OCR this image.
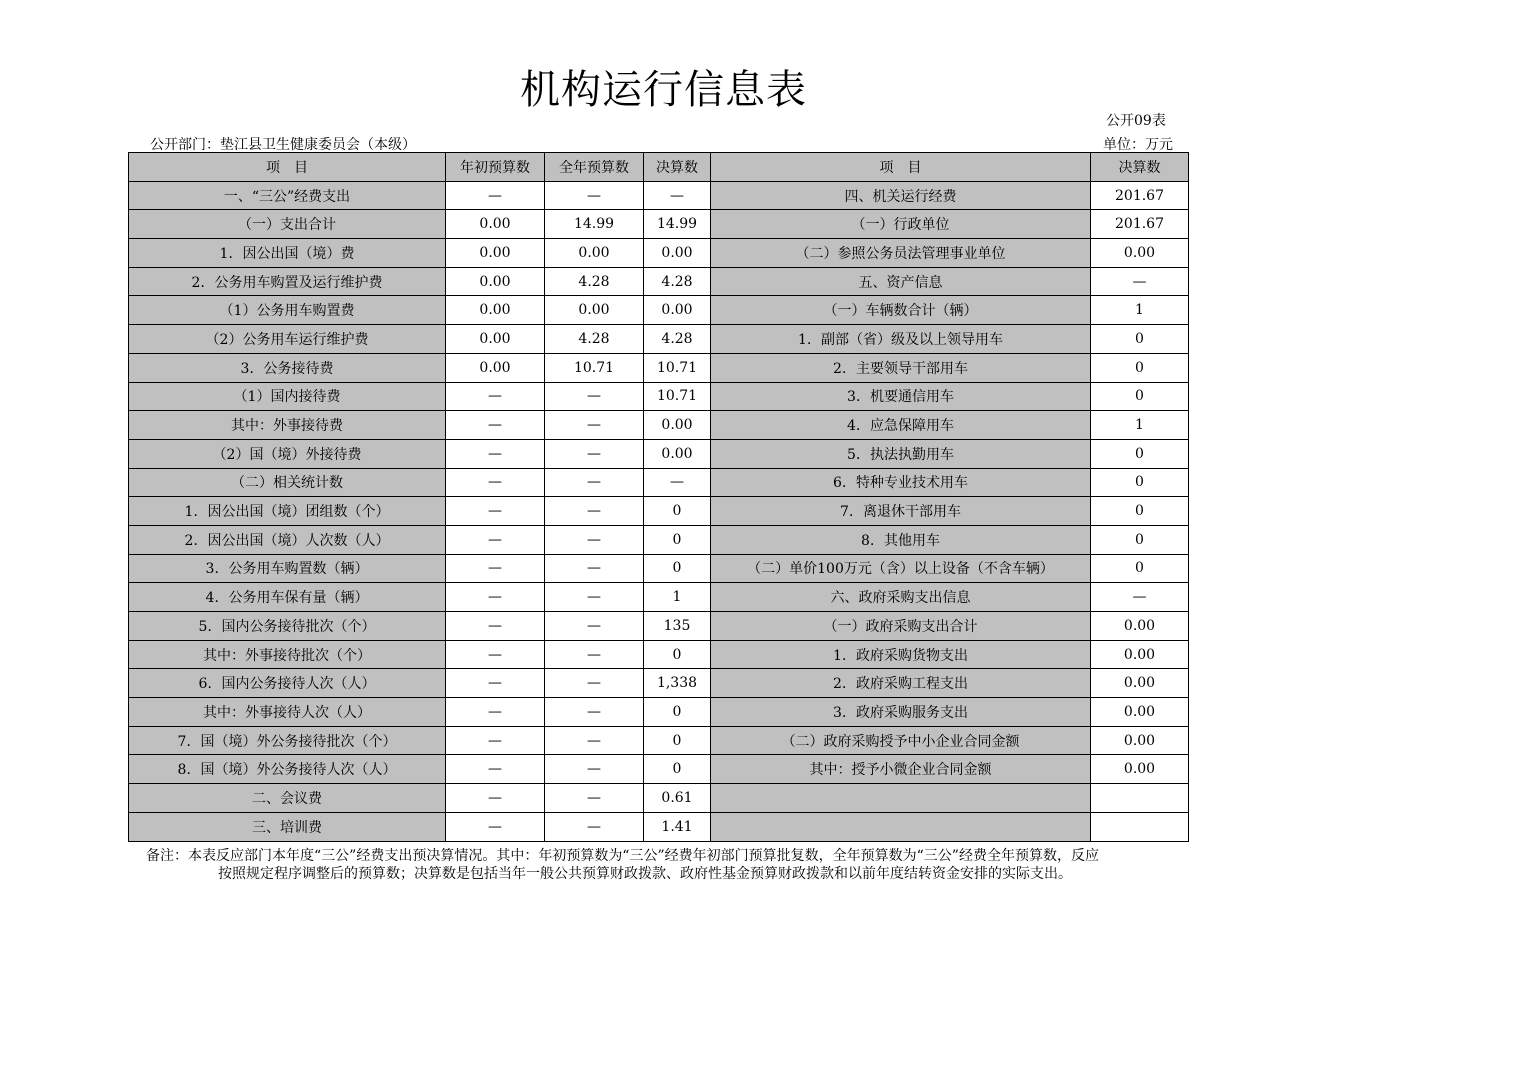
机构运行信息表
公开09表
公开部门：垫江县卫生健康委员会（本级）	单位：万元
项　目	年初预算数	全年预算数	决算数	项　目	决算数
一、“三公”经费支出	—	—	—	四、机关运行经费	201.67
（一）支出合计	0.00	14.99	14.99	（一）行政单位	201.67
1．因公出国（境）费	0.00	0.00	0.00	（二）参照公务员法管理事业单位	0.00
2．公务用车购置及运行维护费	0.00	4.28	4.28	五、资产信息	—
（1）公务用车购置费	0.00	0.00	0.00	（一）车辆数合计（辆）	1
（2）公务用车运行维护费	0.00	4.28	4.28	1．副部（省）级及以上领导用车	0
3．公务接待费	0.00	10.71	10.71	2．主要领导干部用车	0
（1）国内接待费	—	—	10.71	3．机要通信用车	0
其中：外事接待费	—	—	0.00	4．应急保障用车	1
（2）国（境）外接待费	—	—	0.00	5．执法执勤用车	0
（二）相关统计数	—	—	—	6．特种专业技术用车	0
1．因公出国（境）团组数（个）	—	—	0	7．离退休干部用车	0
2．因公出国（境）人次数（人）	—	—	0	8．其他用车	0
3．公务用车购置数（辆）	—	—	0	（二）单价100万元（含）以上设备（不含车辆）	0
4．公务用车保有量（辆）	—	—	1	六、政府采购支出信息	—
5．国内公务接待批次（个）	—	—	135	（一）政府采购支出合计	0.00
其中：外事接待批次（个）	—	—	0	1．政府采购货物支出	0.00
6．国内公务接待人次（人）	—	—	1,338	2．政府采购工程支出	0.00
其中：外事接待人次（人）	—	—	0	3．政府采购服务支出	0.00
7．国（境）外公务接待批次（个）	—	—	0	（二）政府采购授予中小企业合同金额	0.00
8．国（境）外公务接待人次（人）	—	—	0	其中：授予小微企业合同金额	0.00
二、会议费	—	—	0.61		
三、培训费	—	—	1.41		
备注：本表反应部门本年度“三公”经费支出预决算情况。其中：年初预算数为“三公”经费年初部门预算批复数，全年预算数为“三公”经费全年预算数，反应
按照规定程序调整后的预算数；决算数是包括当年一般公共预算财政拨款、政府性基金预算财政拨款和以前年度结转资金安排的实际支出。
